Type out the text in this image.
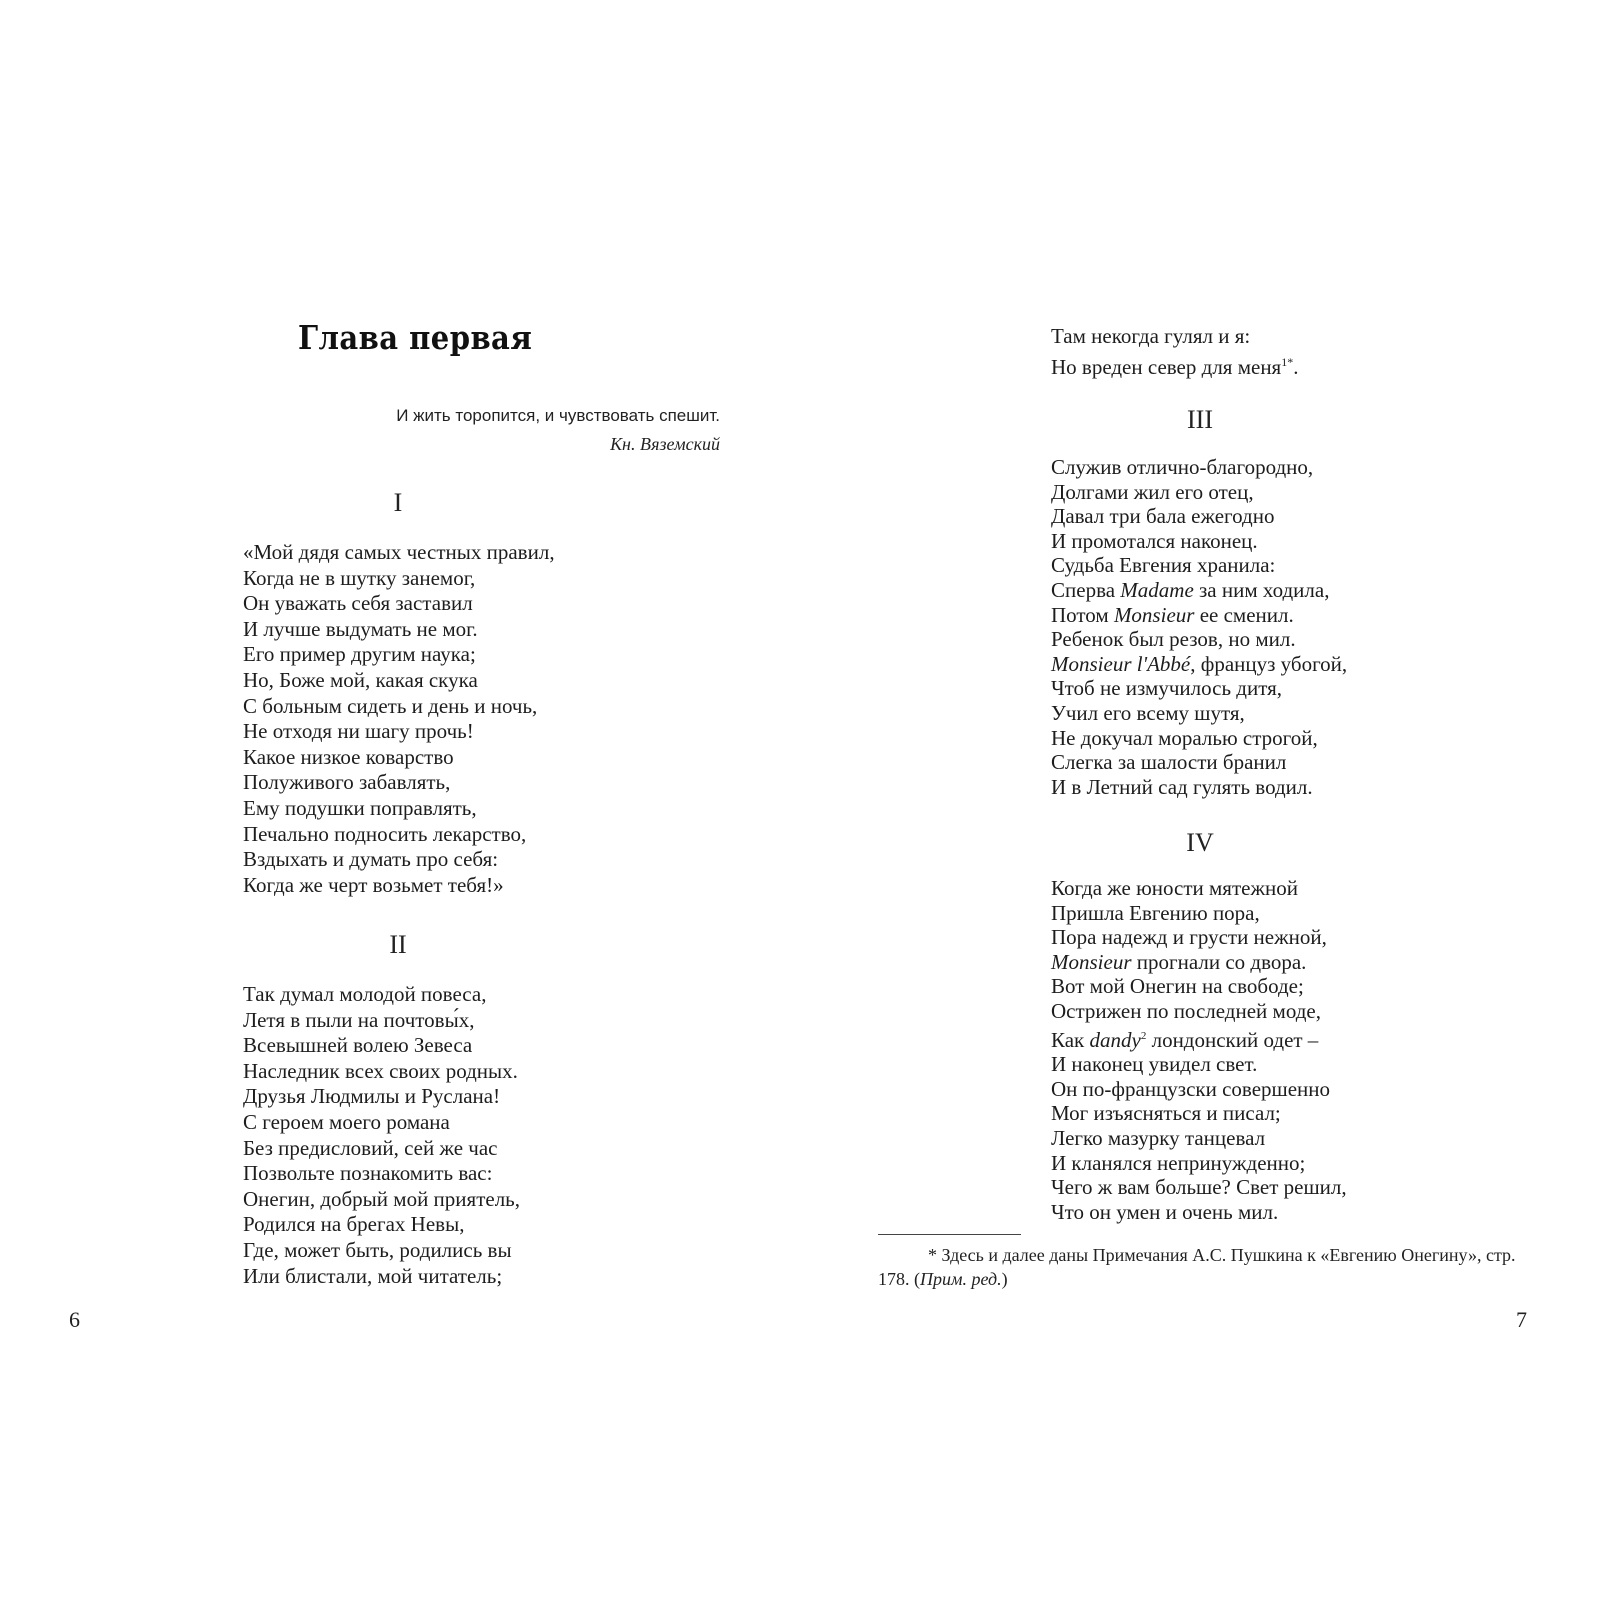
Глава первая
И жить торопится, и чувствовать спешит.
Кн. Вяземский
I
«Мой дядя самых честных правил,
Когда не в шутку занемог,
Он уважать себя заставил
И лучше выдумать не мог.
Его пример другим наука;
Но, Боже мой, какая скука
С больным сидеть и день и ночь,
Не отходя ни шагу прочь!
Какое низкое коварство
Полуживого забавлять,
Ему подушки поправлять,
Печально подносить лекарство,
Вздыхать и думать про себя:
Когда же черт возьмет тебя!»
II
Так думал молодой повеса,
Летя в пыли на почтовы́х,
Всевышней волею Зевеса
Наследник всех своих родных.
Друзья Людмилы и Руслана!
С героем моего романа
Без предисловий, сей же час
Позвольте познакомить вас:
Онегин, добрый мой приятель,
Родился на брегах Невы,
Где, может быть, родились вы
Или блистали, мой читатель;
6
Там некогда гулял и я:
Но вреден север для меня$^{1*}$.
III
Служив отлично-благородно,
Долгами жил его отец,
Давал три бала ежегодно
И промотался наконец.
Судьба Евгения хранила:
Сперва Madame за ним ходила,
Потом Monsieur ее сменил.
Ребенок был резов, но мил.
Monsieur l'Abbé, француз убогой,
Чтоб не измучилось дитя,
Учил его всему шутя,
Не докучал моралью строгой,
Слегка за шалости бранил
И в Летний сад гулять водил.
IV
Когда же юности мятежной
Пришла Евгению пора,
Пора надежд и грусти нежной,
Monsieur прогнали со двора.
Вот мой Онегин на свободе;
Острижен по последней моде,
Как dandy$^2$ лондонский одет –
И наконец увидел свет.
Он по-французски совершенно
Мог изъясняться и писал;
Легко мазурку танцевал
И кланялся непринужденно;
Чего ж вам больше? Свет решил,
Что он умен и очень мил.
* Здесь и далее даны Примечания А.С. Пушкина к «Евгению Онегину», стр. 178. (Прим. ред.)
7
